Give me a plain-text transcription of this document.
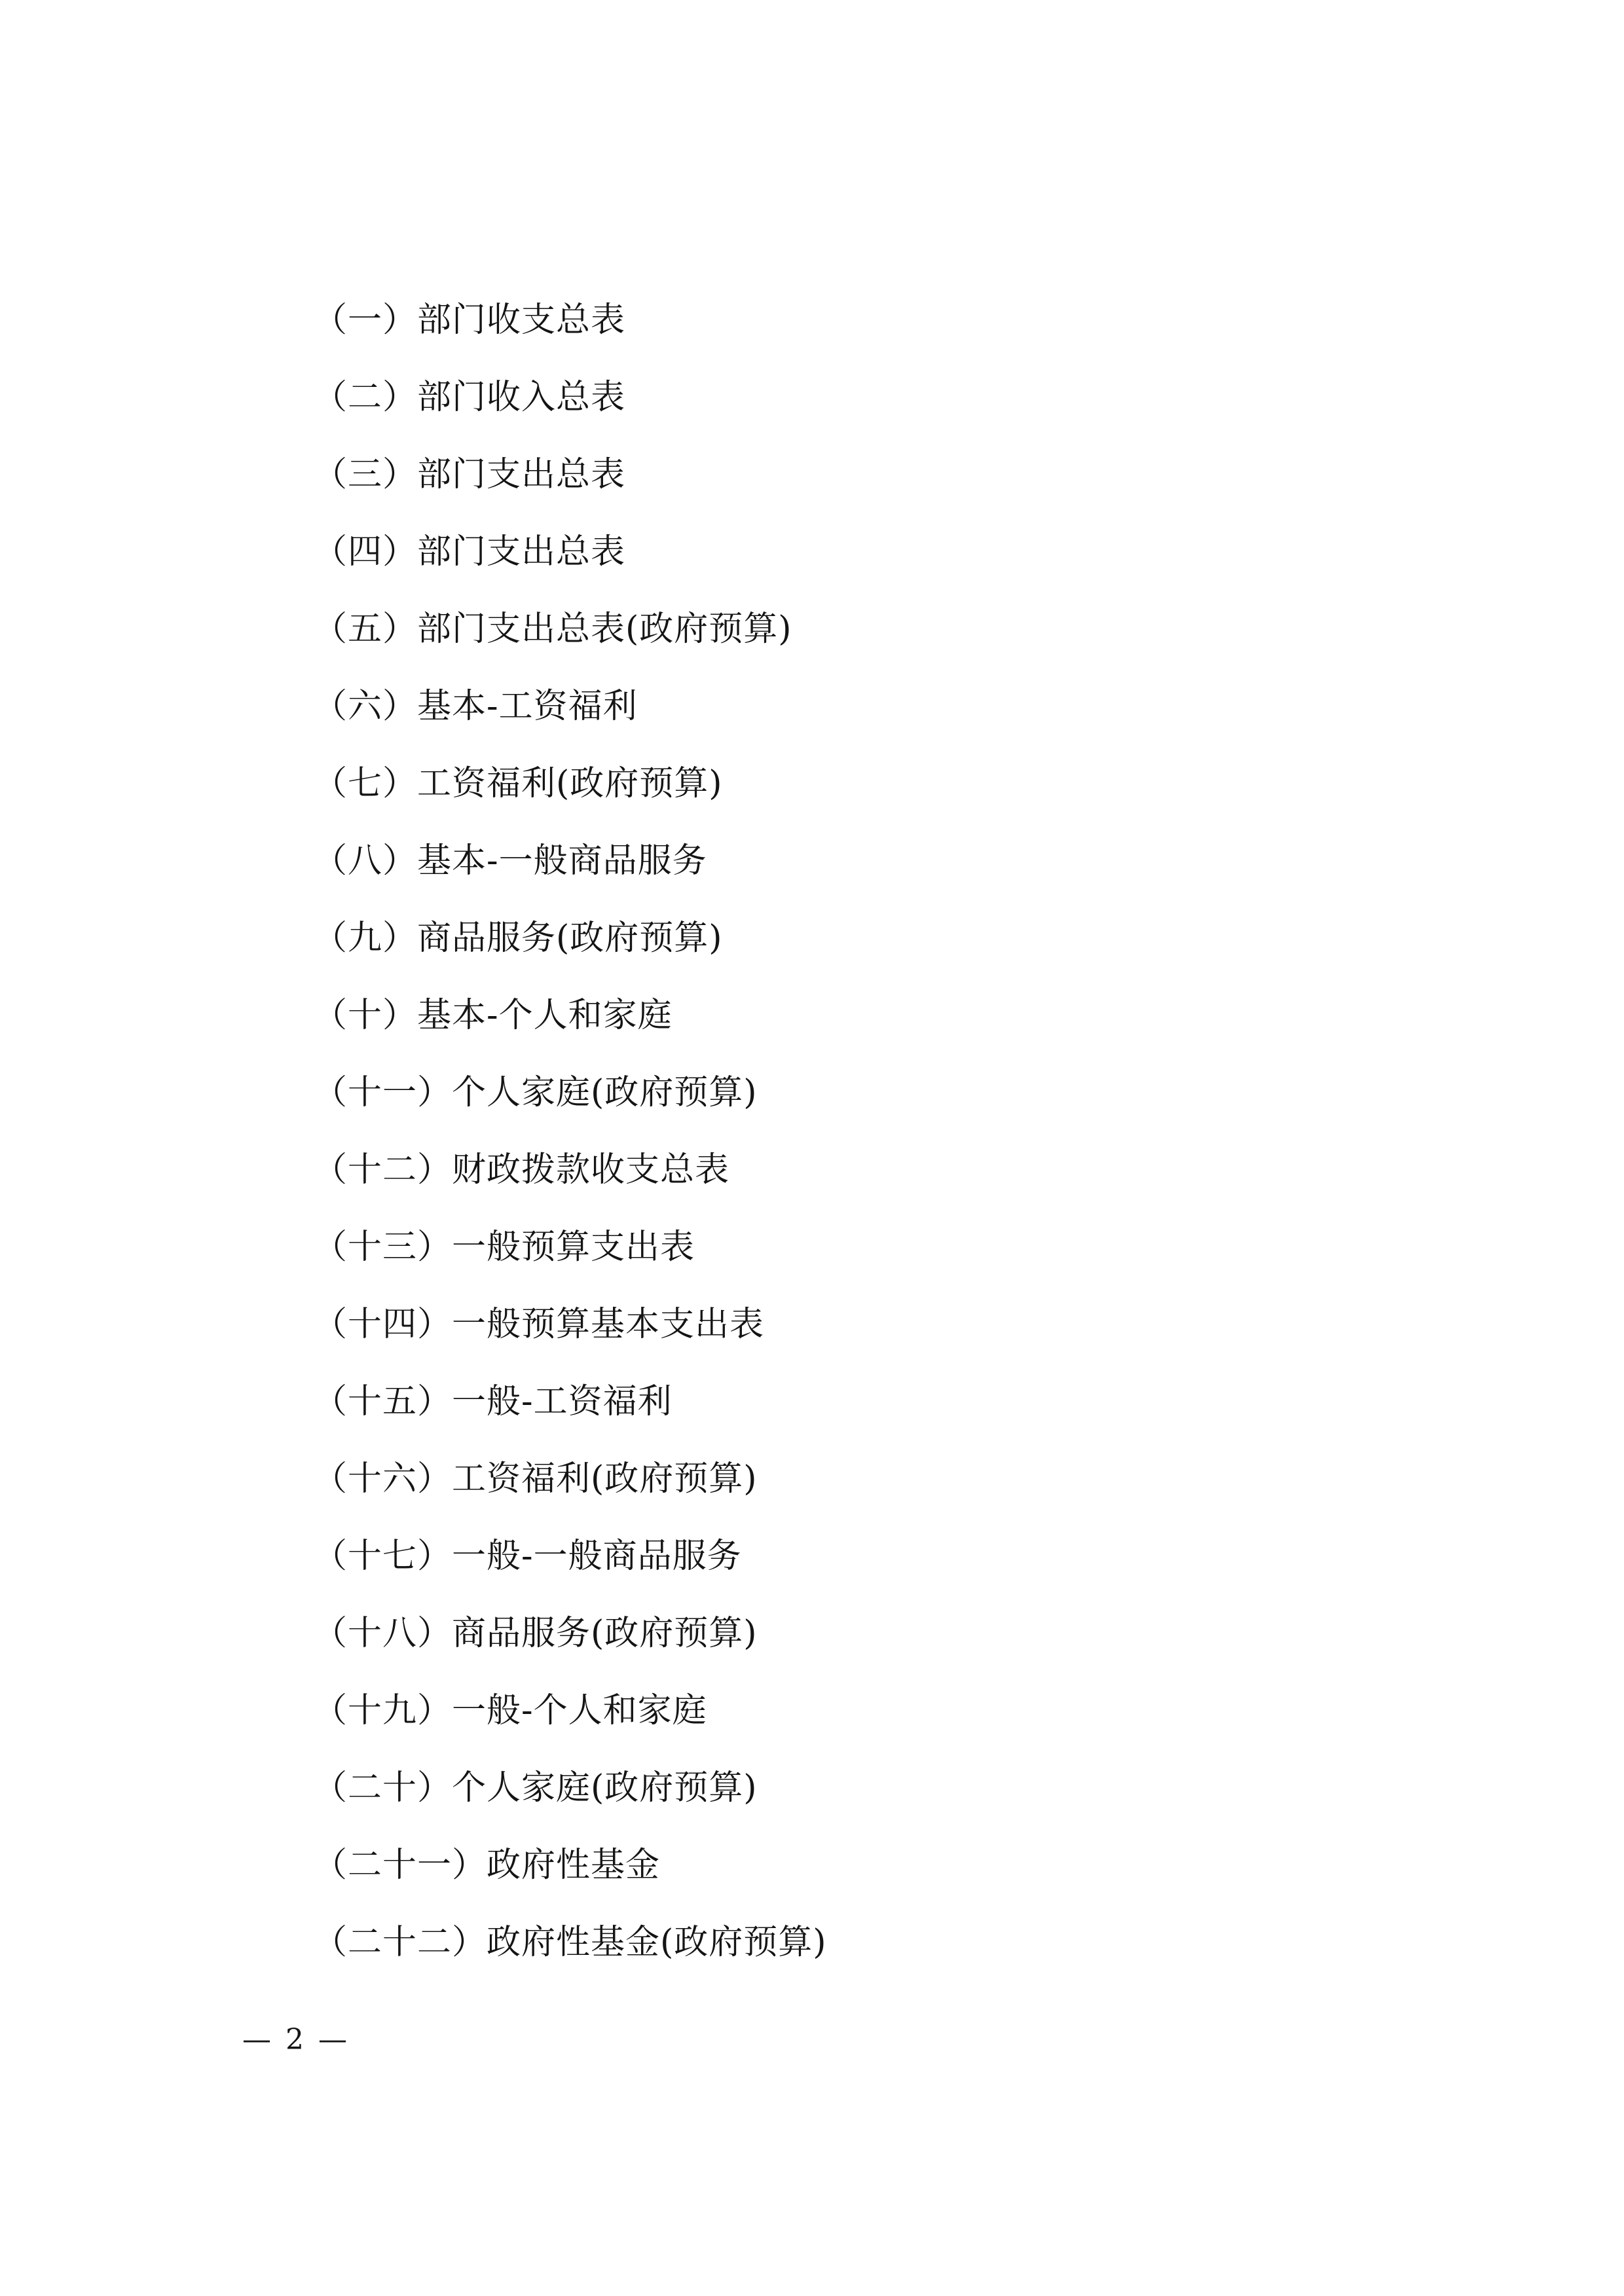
（一）部门收支总表
（二）部门收入总表
（三）部门支出总表
（四）部门支出总表
（五）部门支出总表(政府预算)
（六）基本-工资福利
（七）工资福利(政府预算)
（八）基本-一般商品服务
（九）商品服务(政府预算)
（十）基本-个人和家庭
（十一）个人家庭(政府预算)
（十二）财政拨款收支总表
（十三）一般预算支出表
（十四）一般预算基本支出表
（十五）一般-工资福利
（十六）工资福利(政府预算)
（十七）一般-一般商品服务
（十八）商品服务(政府预算)
（十九）一般-个人和家庭
（二十）个人家庭(政府预算)
（二十一）政府性基金
（二十二）政府性基金(政府预算)
— 2 —
